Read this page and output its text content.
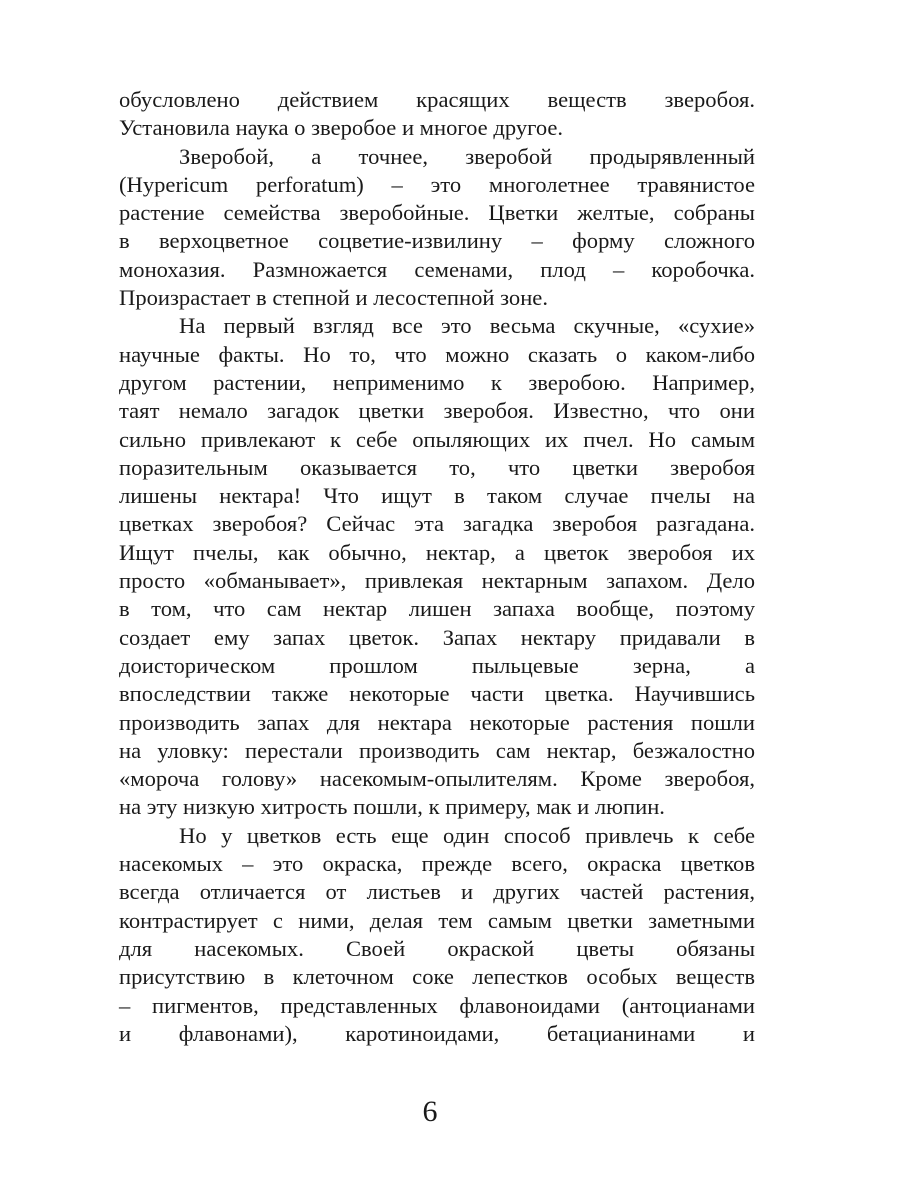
обусловлено действием красящих веществ зверобоя.
Установила наука о зверобое и многое другое.
Зверобой, а точнее, зверобой продырявленный
(Hypericum perforatum) – это многолетнее травянистое
растение семейства зверобойные. Цветки желтые, собраны
в верхоцветное соцветие-извилину – форму сложного
монохазия. Размножается семенами, плод – коробочка.
Произрастает в степной и лесостепной зоне.
На первый взгляд все это весьма скучные, «сухие»
научные факты. Но то, что можно сказать о каком-либо
другом растении, неприменимо к зверобою. Например,
таят немало загадок цветки зверобоя. Известно, что они
сильно привлекают к себе опыляющих их пчел. Но самым
поразительным оказывается то, что цветки зверобоя
лишены нектара! Что ищут в таком случае пчелы на
цветках зверобоя? Сейчас эта загадка зверобоя разгадана.
Ищут пчелы, как обычно, нектар, а цветок зверобоя их
просто «обманывает», привлекая нектарным запахом. Дело
в том, что сам нектар лишен запаха вообще, поэтому
создает ему запах цветок. Запах нектару придавали в
доисторическом прошлом пыльцевые зерна, а
впоследствии также некоторые части цветка. Научившись
производить запах для нектара некоторые растения пошли
на уловку: перестали производить сам нектар, безжалостно
«морочa голову» насекомым-опылителям. Кроме зверобоя,
на эту низкую хитрость пошли, к примеру, мак и люпин.
Но у цветков есть еще один способ привлечь к себе
насекомых – это окраска, прежде всего, окраска цветков
всегда отличается от листьев и других частей растения,
контрастирует с ними, делая тем самым цветки заметными
для насекомых. Своей окраской цветы обязаны
присутствию в клеточном соке лепестков особых веществ
– пигментов, представленных флавоноидами (антоцианами
и флавонами), каротиноидами, бетацианинами и
6
